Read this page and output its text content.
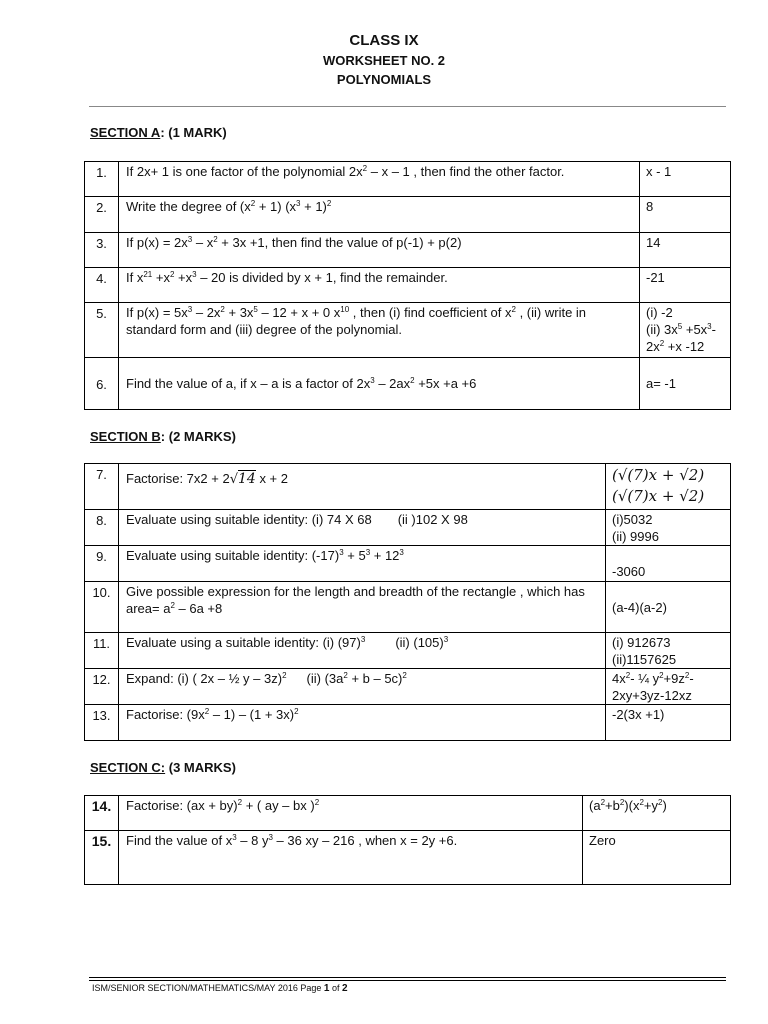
CLASS IX
WORKSHEET NO. 2
POLYNOMIALS
SECTION A: (1 MARK)
1.	If 2x+ 1 is one factor of the polynomial $2x^2$ – x – 1 , then find the other factor.	x - 1
2.	Write the degree of $(x^2 + 1) (x^3 + 1)^2$	8
3.	If $p(x) = 2x^3 - x^2 + 3x +1$, then find the value of p(-1) + p(2)	14
4.	If $x^{21} +x^2 +x^3 - 20$ is divided by x + 1, find the remainder.	-21
5.	If $p(x) = 5x^3 - 2x^2 + 3x^5 - 12 + x + 0$ $x^{10}$ , then (i) find coefficient of $x^2$ , (ii) write in standard form and (iii) degree of the polynomial.	(i) -2
(ii) $3x^5 +5x^3-$
$2x^2 +x$ -12

6.	Find the value of a, if x – a is a factor of $2x^3 - 2ax^2 +5x +a +6$	a= -1
SECTION B: (2 MARKS)
7.	Factorise: 7x2 + 2√14 x + 2	(√(7)x + √2)
(√(7)x + √2)

8.	Evaluate using suitable identity: (i) 74 X 68 (ii )102 X 98	(i)5032
(ii) 9996

9.	Evaluate using suitable identity: $(-17)^3 + 5^3 + 12^3$	-3060
10.	Give possible expression for the length and breadth of the rectangle , which has area= $a^2 - 6a +8$	(a-4)(a-2)
11.	Evaluate using a suitable identity: (i) $(97)^3$ (ii) $(105)^3$	(i) 912673
(ii)1157625

12.	Expand: (i) ( 2x – ½ y – 3z)$^2$ (ii) $(3a^2 + b - 5c)^2$	$4x^2-$ ¼ $y^2+9z^2-$
2xy+3yz-12xz

13.	Factorise: $(9x^2 - 1) - (1 + 3x)^2$	-2(3x +1)
SECTION C: (3 MARKS)
14.	Factorise: (ax + by)$^2$ + ( ay – bx )$^2$	$(a^2+b^2)(x^2+y^2)$
15.	Find the value of $x^3 - 8$ $y^3 - 36$ xy – 216 , when x = 2y +6.	Zero
ISM/SENIOR SECTION/MATHEMATICS/MAY 2016 Page 1 of 2
